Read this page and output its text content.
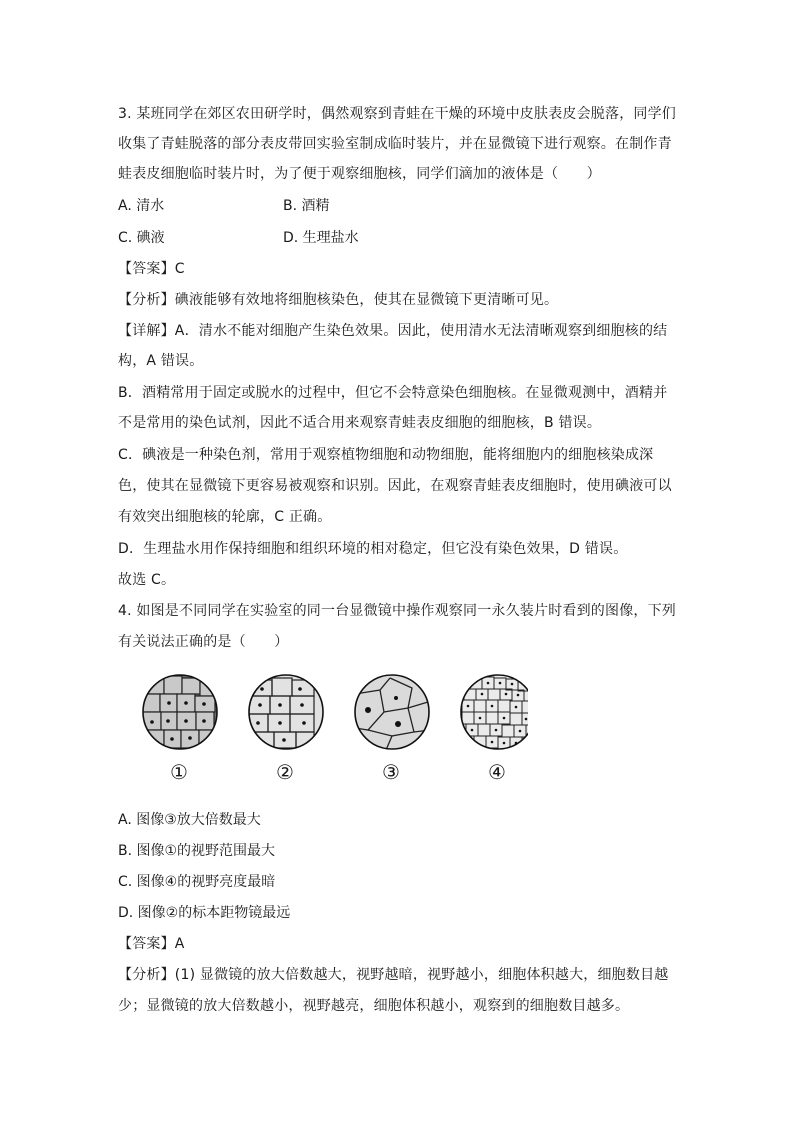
3. 某班同学在郊区农田研学时，偶然观察到青蛙在干燥的环境中皮肤表皮会脱落，同学们
收集了青蛙脱落的部分表皮带回实验室制成临时装片，并在显微镜下进行观察。在制作青
蛙表皮细胞临时装片时，为了便于观察细胞核，同学们滴加的液体是（　　）
A. 清水	B. 酒精
C. 碘液	D. 生理盐水
【答案】C
【分析】碘液能够有效地将细胞核染色，使其在显微镜下更清晰可见。
【详解】A．清水不能对细胞产生染色效果。因此，使用清水无法清晰观察到细胞核的结
构，A 错误。
B．酒精常用于固定或脱水的过程中，但它不会特意染色细胞核。在显微观测中，酒精并
不是常用的染色试剂，因此不适合用来观察青蛙表皮细胞的细胞核，B 错误。
C．碘液是一种染色剂，常用于观察植物细胞和动物细胞，能将细胞内的细胞核染成深
色，使其在显微镜下更容易被观察和识别。因此，在观察青蛙表皮细胞时，使用碘液可以
有效突出细胞核的轮廓，C 正确。
D．生理盐水用作保持细胞和组织环境的相对稳定，但它没有染色效果，D 错误。
故选 C。
4. 如图是不同同学在实验室的同一台显微镜中操作观察同一永久装片时看到的图像，下列
有关说法正确的是（　　）
①	②	③	④
A. 图像③放大倍数最大
B. 图像①的视野范围最大
C. 图像④的视野亮度最暗
D. 图像②的标本距物镜最远
【答案】A
【分析】(1) 显微镜的放大倍数越大，视野越暗，视野越小，细胞体积越大，细胞数目越
少；显微镜的放大倍数越小，视野越亮，细胞体积越小，观察到的细胞数目越多。
